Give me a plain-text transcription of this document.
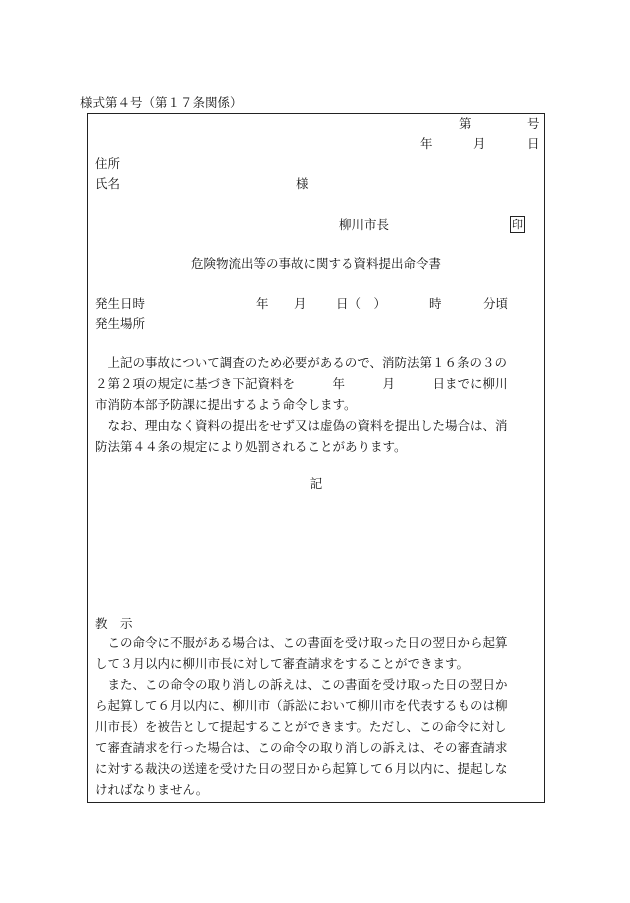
様式第４号（第１７条関係）
第	号
年	月	日
住所
氏名	様
柳川市長	印
危険物流出等の事故に関する資料提出命令書
発生日時	年 月 日（　）	時	分頃
発生場所
　上記の事故について調査のため必要があるので、消防法第１６条の３の
２第２項の規定に基づき下記資料を　　　年　　　月　　　日までに柳川
市消防本部予防課に提出するよう命令します。
　なお、理由なく資料の提出をせず又は虚偽の資料を提出した場合は、消
防法第４４条の規定により処罰されることがあります。
記
教　示
　この命令に不服がある場合は、この書面を受け取った日の翌日から起算
して３月以内に柳川市長に対して審査請求をすることができます。
　また、この命令の取り消しの訴えは、この書面を受け取った日の翌日か
ら起算して６月以内に、柳川市（訴訟において柳川市を代表するものは柳
川市長）を被告として提起することができます。ただし、この命令に対し
て審査請求を行った場合は、この命令の取り消しの訴えは、その審査請求
に対する裁決の送達を受けた日の翌日から起算して６月以内に、提起しな
ければなりません。
